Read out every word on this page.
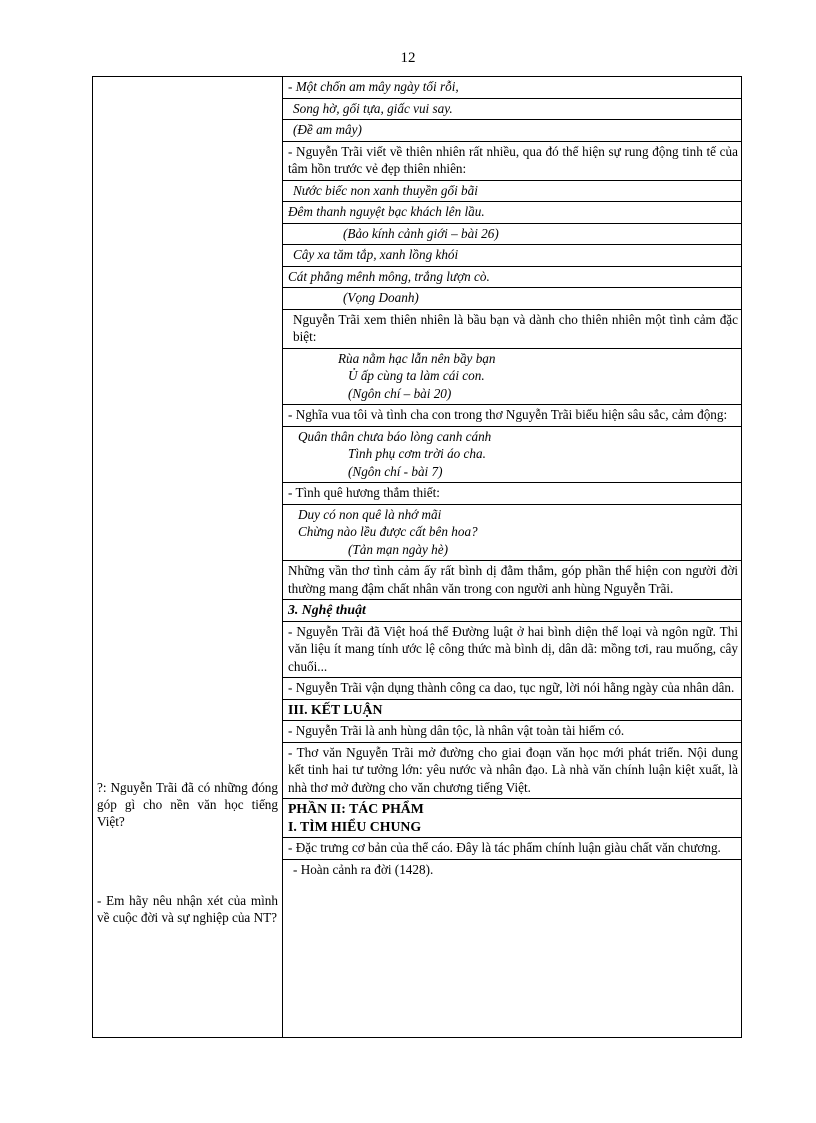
12
?: Nguyễn Trãi đã có những đóng góp gì cho nền văn học tiếng Việt?
- Em hãy nêu nhận xét của mình về cuộc đời và sự nghiệp của NT?

- Một chốn am mây ngày tối rỗi,
Song hờ, gối tựa, giấc vui say.
(Đề am mây)

- Nguyễn Trãi viết về thiên nhiên rất nhiều, qua đó thể hiện sự rung động tinh tế của tâm hồn trước vẻ đẹp thiên nhiên:

Nước biếc non xanh thuyền gối bãi
Đêm thanh nguyệt bạc khách lên lầu.
(Bảo kính cảnh giới – bài 26)
Cây xa tăm tắp, xanh lồng khói
Cát phẳng mênh mông, trắng lượn cò.
(Vọng Doanh)

Nguyễn Trãi xem thiên nhiên là bầu bạn và dành cho thiên nhiên một tình cảm đặc biệt:

Rùa nằm hạc lẫn nên bầy bạn
Ủ ấp cùng ta làm cái con.
(Ngôn chí – bài 20)

- Nghĩa vua tôi và tình cha con trong thơ Nguyễn Trãi biểu hiện sâu sắc, cảm động:

Quân thân chưa báo lòng canh cánh
Tình phụ cơm trời áo cha.
(Ngôn chí - bài 7)

- Tình quê hương thắm thiết:

Duy có non quê là nhớ mãi
Chừng nào lều được cất bên hoa?
(Tản mạn ngày hè)

Những vần thơ tình cảm ấy rất bình dị đằm thắm, góp phần thể hiện con người đời thường mang đậm chất nhân văn trong con người anh hùng Nguyễn Trãi.

3. Nghệ thuật

- Nguyễn Trãi đã Việt hoá thể Đường luật ở hai bình diện thể loại và ngôn ngữ. Thi văn liệu ít mang tính ước lệ công thức mà bình dị, dân dã: mồng tơi, rau muống, cây chuối...

- Nguyễn Trãi vận dụng thành công ca dao, tục ngữ, lời nói hằng ngày của nhân dân.

III. KẾT LUẬN

- Nguyễn Trãi là anh hùng dân tộc, là nhân vật toàn tài hiếm có.

- Thơ văn Nguyễn Trãi mở đường cho giai đoạn văn học mới phát triển. Nội dung kết tinh hai tư tưởng lớn: yêu nước và nhân đạo. Là nhà văn chính luận kiệt xuất, là nhà thơ mở đường cho văn chương tiếng Việt.

PHẦN II: TÁC PHẨM

I. TÌM HIỂU CHUNG

- Đặc trưng cơ bản của thể cáo. Đây là tác phẩm chính luận giàu chất văn chương.

- Hoàn cảnh ra đời (1428).
